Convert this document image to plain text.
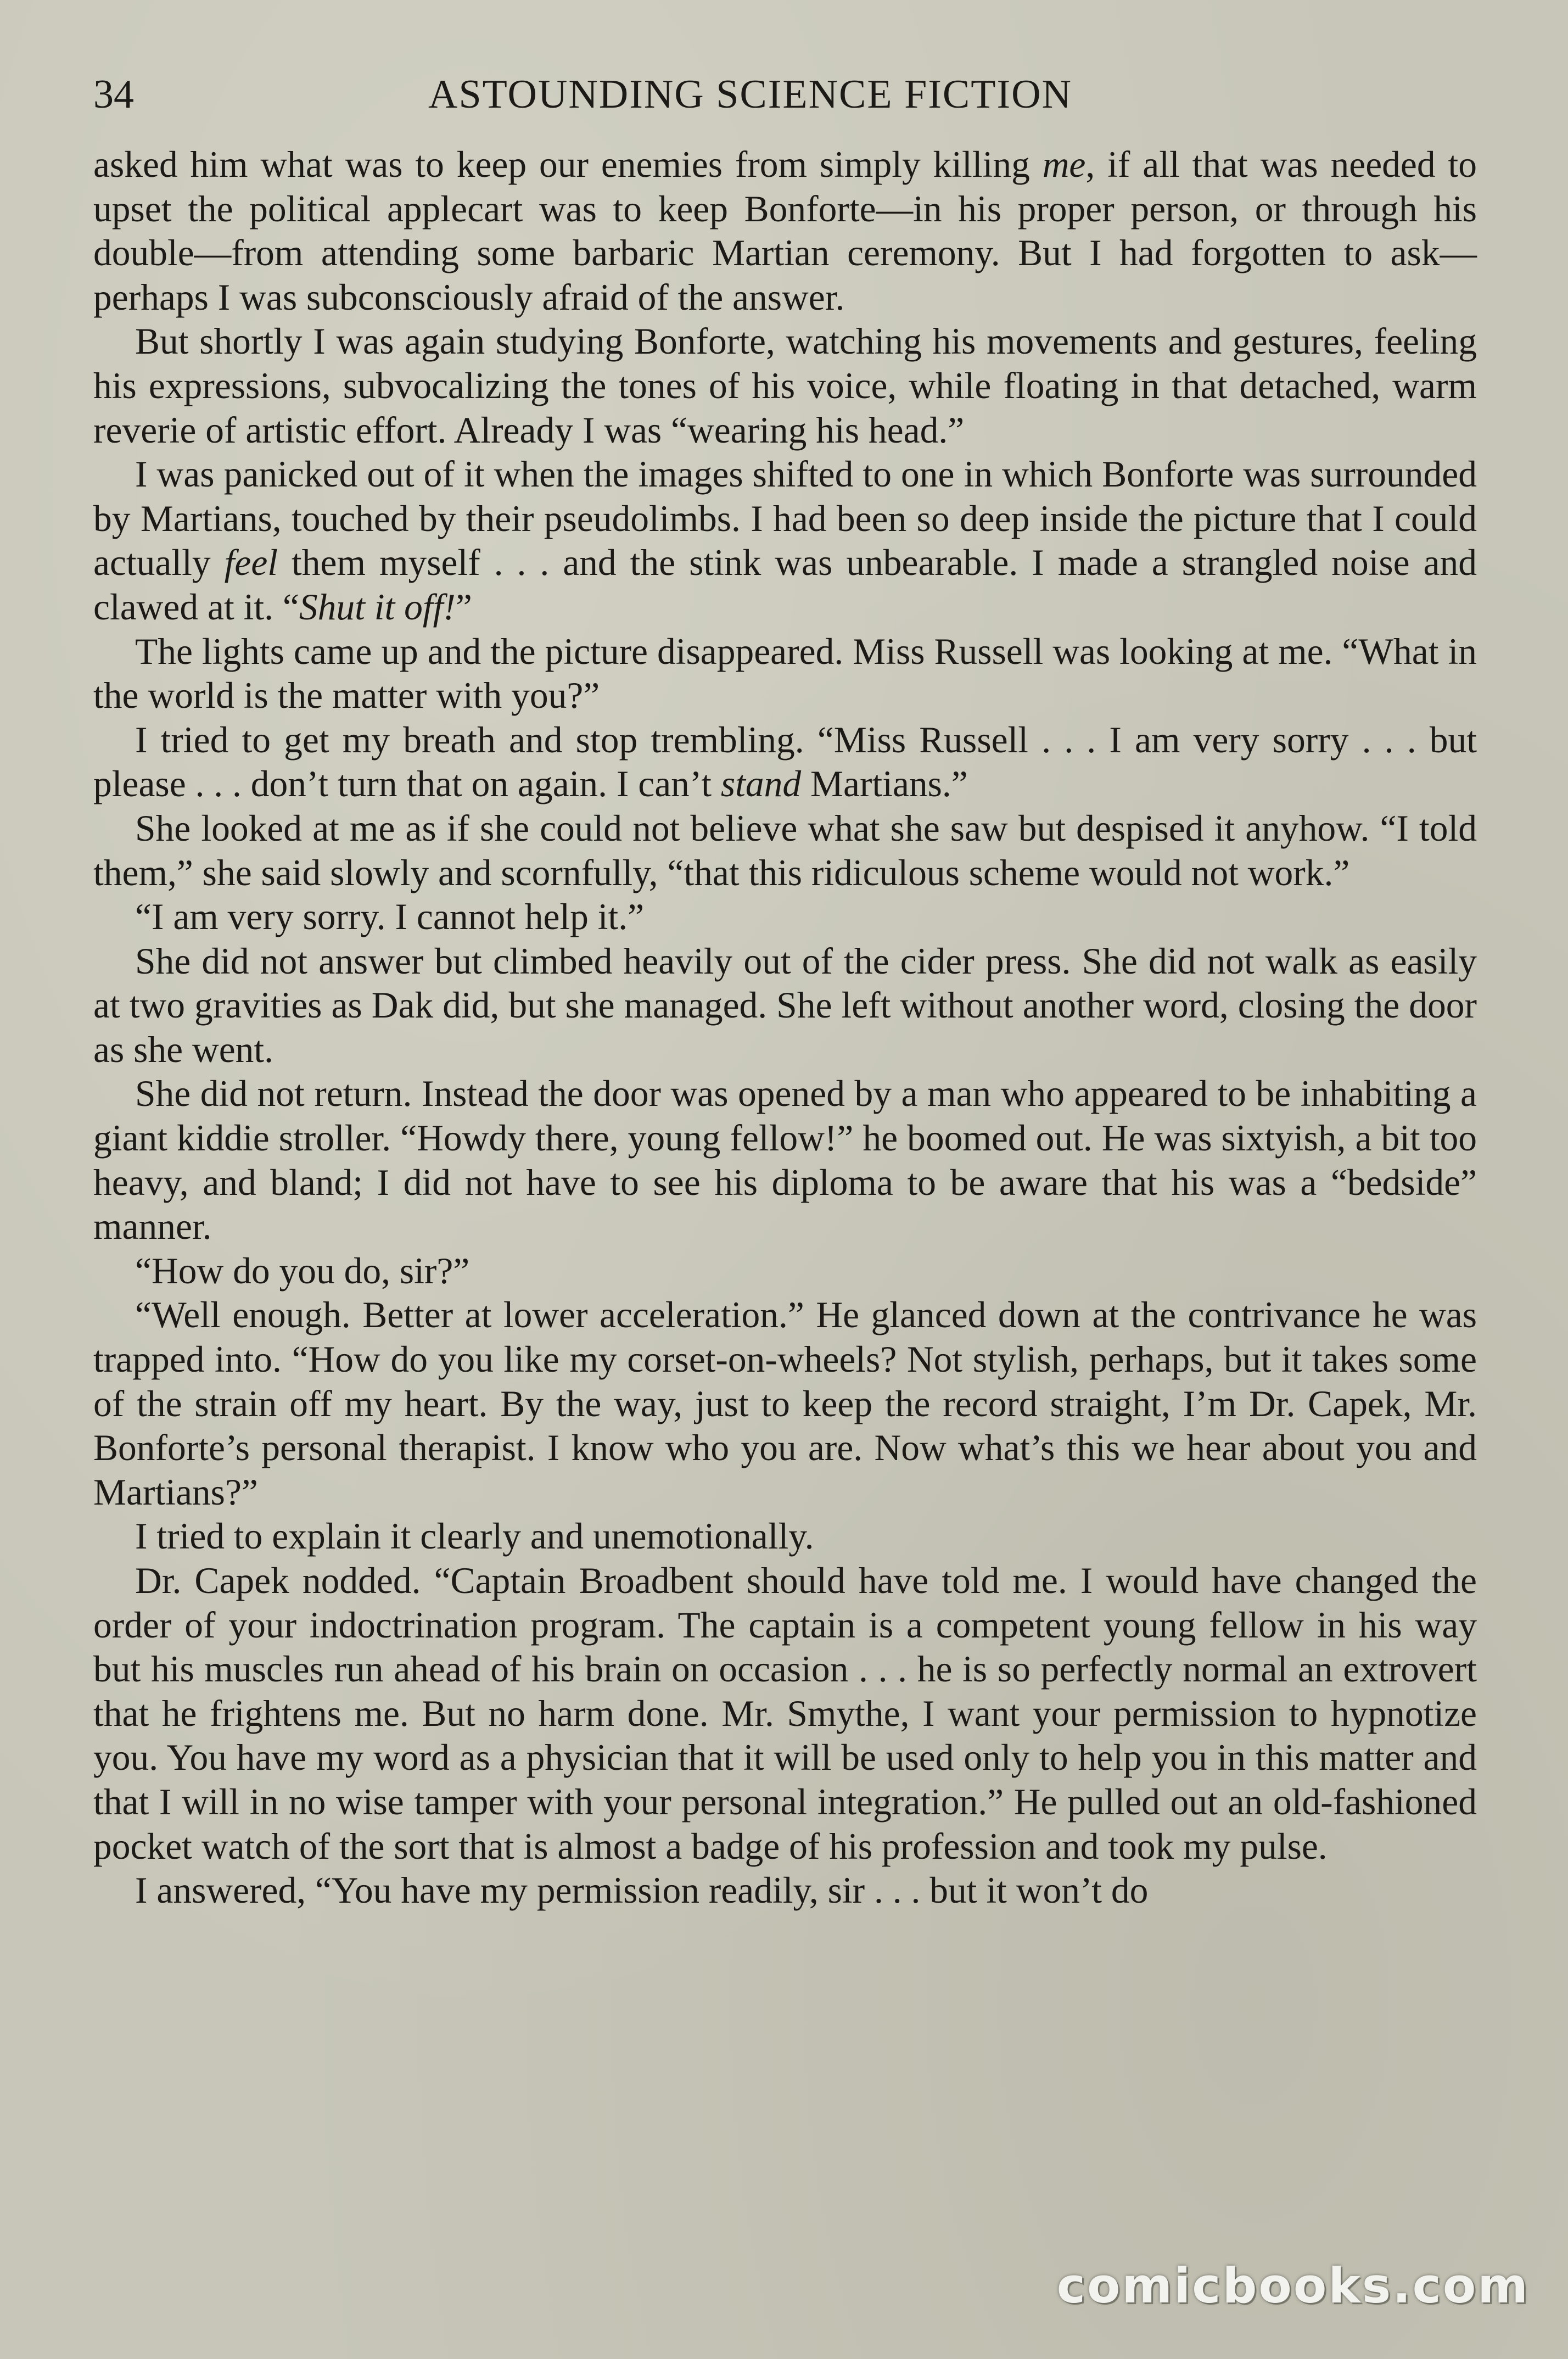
34	ASTOUNDING SCIENCE FICTION

asked him what was to keep our enemies from simply killing me, if all that was needed to upset the political applecart was to keep Bonforte—in his proper person, or through his double—from attending some barbaric Martian ceremony. But I had forgotten to ask—perhaps I was subconsciously afraid of the answer.

But shortly I was again studying Bonforte, watching his movements and gestures, feeling his expressions, subvocalizing the tones of his voice, while floating in that detached, warm reverie of artistic effort. Already I was “wearing his head.”

I was panicked out of it when the images shifted to one in which Bonforte was surrounded by Martians, touched by their pseudolimbs. I had been so deep inside the picture that I could actually feel them myself . . . and the stink was unbearable. I made a strangled noise and clawed at it. “Shut it off!”

The lights came up and the picture disappeared. Miss Russell was looking at me. “What in the world is the matter with you?”

I tried to get my breath and stop trembling. “Miss Russell . . . I am very sorry . . . but please . . . don’t turn that on again. I can’t stand Martians.”

She looked at me as if she could not believe what she saw but despised it anyhow. “I told them,” she said slowly and scornfully, “that this ridiculous scheme would not work.”

“I am very sorry. I cannot help it.”

She did not answer but climbed heavily out of the cider press. She did not walk as easily at two gravities as Dak did, but she managed. She left without another word, closing the door as she went.

She did not return. Instead the door was opened by a man who appeared to be inhabiting a giant kiddie stroller. “Howdy there, young fellow!” he boomed out. He was sixtyish, a bit too heavy, and bland; I did not have to see his diploma to be aware that his was a “bedside” manner.

“How do you do, sir?”

“Well enough. Better at lower acceleration.” He glanced down at the contrivance he was trapped into. “How do you like my corset-on-wheels? Not stylish, perhaps, but it takes some of the strain off my heart. By the way, just to keep the record straight, I’m Dr. Capek, Mr. Bonforte’s personal therapist. I know who you are. Now what’s this we hear about you and Martians?”

I tried to explain it clearly and unemotionally.

Dr. Capek nodded. “Captain Broadbent should have told me. I would have changed the order of your indoctrination program. The captain is a competent young fellow in his way but his muscles run ahead of his brain on occasion . . . he is so perfectly normal an extrovert that he frightens me. But no harm done. Mr. Smythe, I want your permission to hypnotize you. You have my word as a physician that it will be used only to help you in this matter and that I will in no wise tamper with your personal integration.” He pulled out an old-fashioned pocket watch of the sort that is almost a badge of his profession and took my pulse.

I answered, “You have my permission readily, sir . . . but it won’t do

comicbooks.com
